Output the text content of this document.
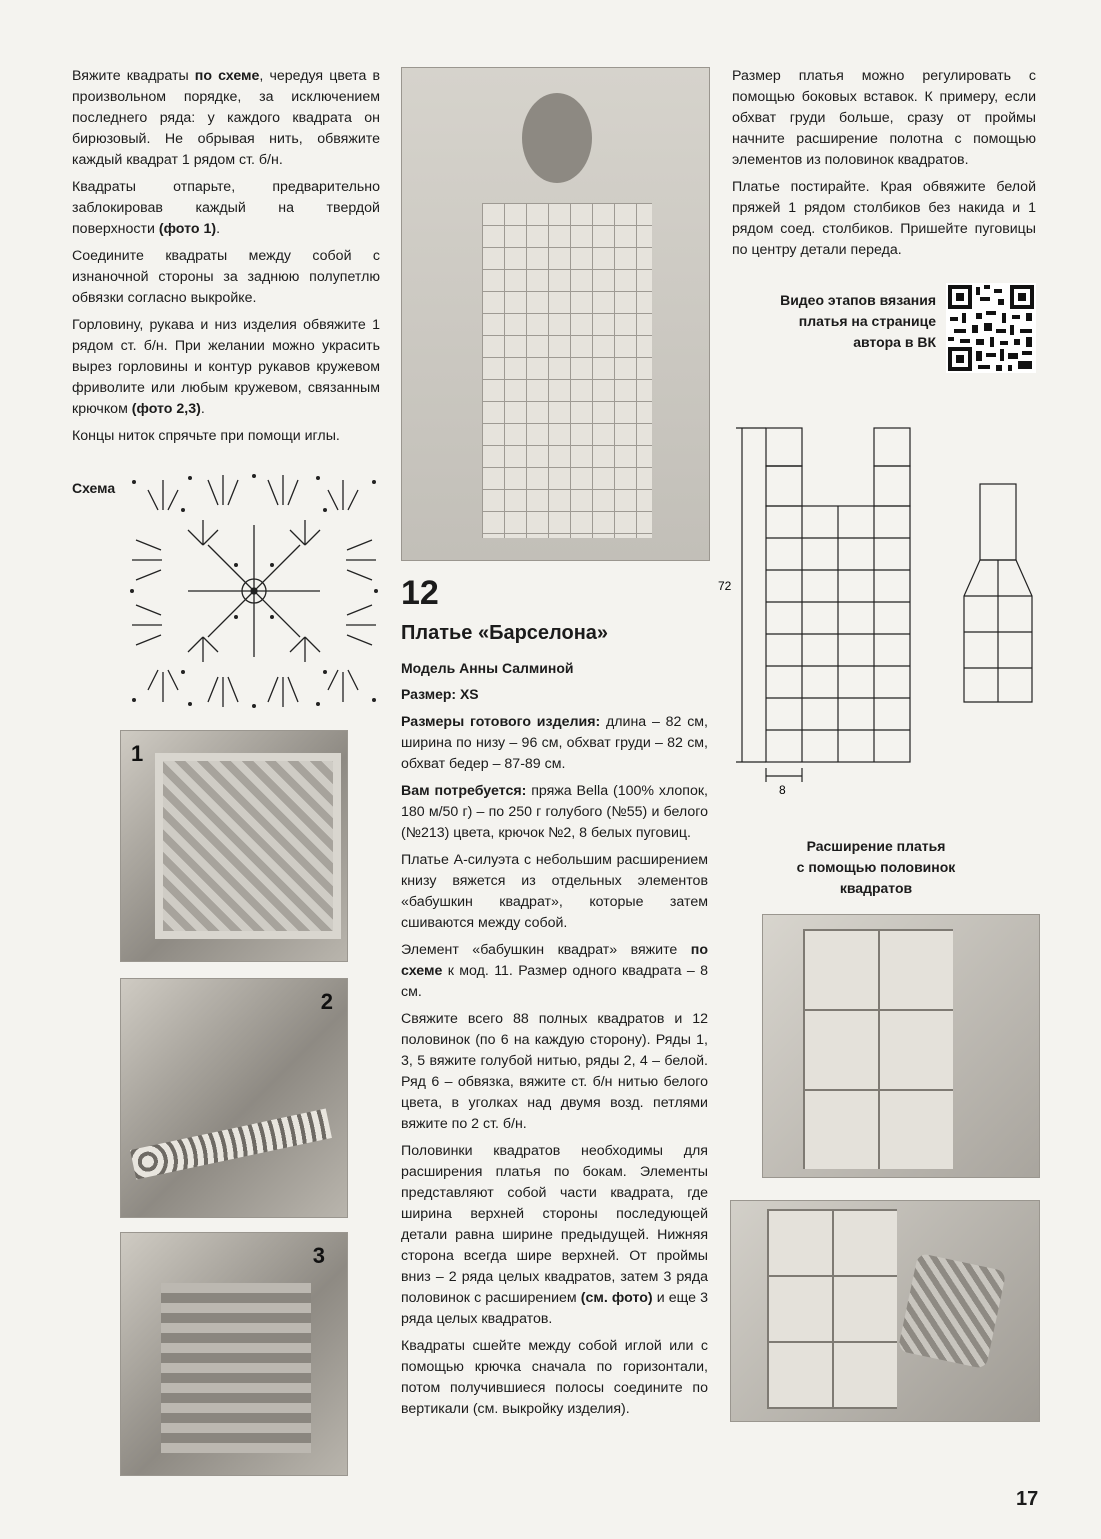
Вяжите квадраты по схеме, чередуя цвета в произвольном порядке, за исключением последнего ряда: у каждого квадрата он бирюзовый. Не обрывая нить, обвяжите каждый квадрат 1 рядом ст. б/н.

Квадраты отпарьте, предварительно заблокировав каждый на твердой поверхности (фото 1).

Соедините квадраты между собой с изнаночной стороны за заднюю полупетлю обвязки согласно выкройке.

Горловину, рукава и низ изделия обвяжите 1 рядом ст. б/н. При желании можно украсить вырез горловины и контур рукавов кружевом фриволите или любым кружевом, связанным крючком (фото 2,3).

Концы ниток спрячьте при помощи иглы.

Схема
1
2
3
12
Платье «Барселона»
Модель Анны Салминой
Размер: XS

Размеры готового изделия: длина – 82 см, ширина по низу – 96 см, обхват груди – 82 см, обхват бедер – 87-89 см.

Вам потребуется: пряжа Bella (100% хлопок, 180 м/50 г) – по 250 г голубого (№55) и белого (№213) цвета, крючок №2, 8 белых пуговиц.

Платье А-силуэта с небольшим расширением книзу вяжется из отдельных элементов «бабушкин квадрат», которые затем сшиваются между собой.

Элемент «бабушкин квадрат» вяжите по схеме к мод. 11. Размер одного квадрата – 8 см.

Свяжите всего 88 полных квадратов и 12 половинок (по 6 на каждую сторону). Ряды 1, 3, 5 вяжите голубой нитью, ряды 2, 4 – белой. Ряд 6 – обвязка, вяжите ст. б/н нитью белого цвета, в уголках над двумя возд. петлями вяжите по 2 ст. б/н.

Половинки квадратов необходимы для расширения платья по бокам. Элементы представляют собой части квадрата, где ширина верхней стороны последующей детали равна ширине предыдущей. Нижняя сторона всегда шире верхней. От проймы вниз – 2 ряда целых квадратов, затем 3 ряда половинок с расширением (см. фото) и еще 3 ряда целых квадратов.

Квадраты сшейте между собой иглой или с помощью крючка сначала по горизонтали, потом получившиеся полосы соедините по вертикали (см. выкройку изделия).

Размер платья можно регулировать с помощью боковых вставок. К примеру, если обхват груди больше, сразу от проймы начните расширение полотна с помощью элементов из половинок квадратов.

Платье постирайте. Края обвяжите белой пряжей 1 рядом столбиков без накида и 1 рядом соед. столбиков. Пришейте пуговицы по центру детали переда.

Видео этапов вязания
платья на странице
автора в ВК
72
8
Расширение платья
с помощью половинок
квадратов
17
